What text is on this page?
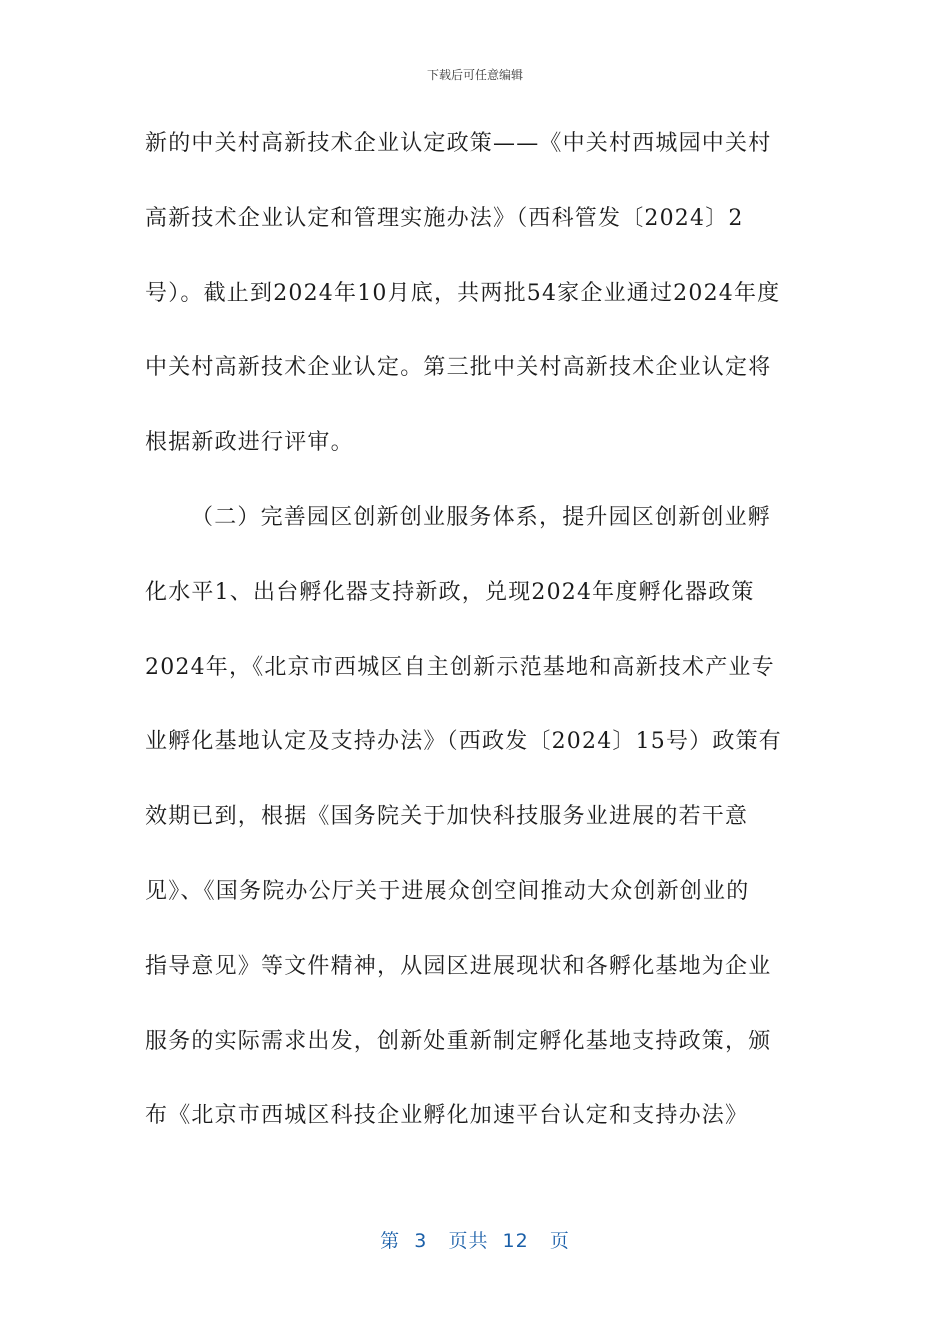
下载后可任意编辑
新的中关村高新技术企业认定政策——《中关村西城园中关村
高新技术企业认定和管理实施办法》（西科管发〔2024〕2
号）。截止到2024年10月底，共两批54家企业通过2024年度
中关村高新技术企业认定。第三批中关村高新技术企业认定将
根据新政进行评审。
（二）完善园区创新创业服务体系，提升园区创新创业孵
化水平1、出台孵化器支持新政，兑现2024年度孵化器政策
2024年，《北京市西城区自主创新示范基地和高新技术产业专
业孵化基地认定及支持办法》（西政发〔2024〕15号）政策有
效期已到，根据《国务院关于加快科技服务业进展的若干意
见》、《国务院办公厅关于进展众创空间推动大众创新创业的
指导意见》等文件精神，从园区进展现状和各孵化基地为企业
服务的实际需求出发，创新处重新制定孵化基地支持政策，颁
布《北京市西城区科技企业孵化加速平台认定和支持办法》
第 3 页共 12 页
